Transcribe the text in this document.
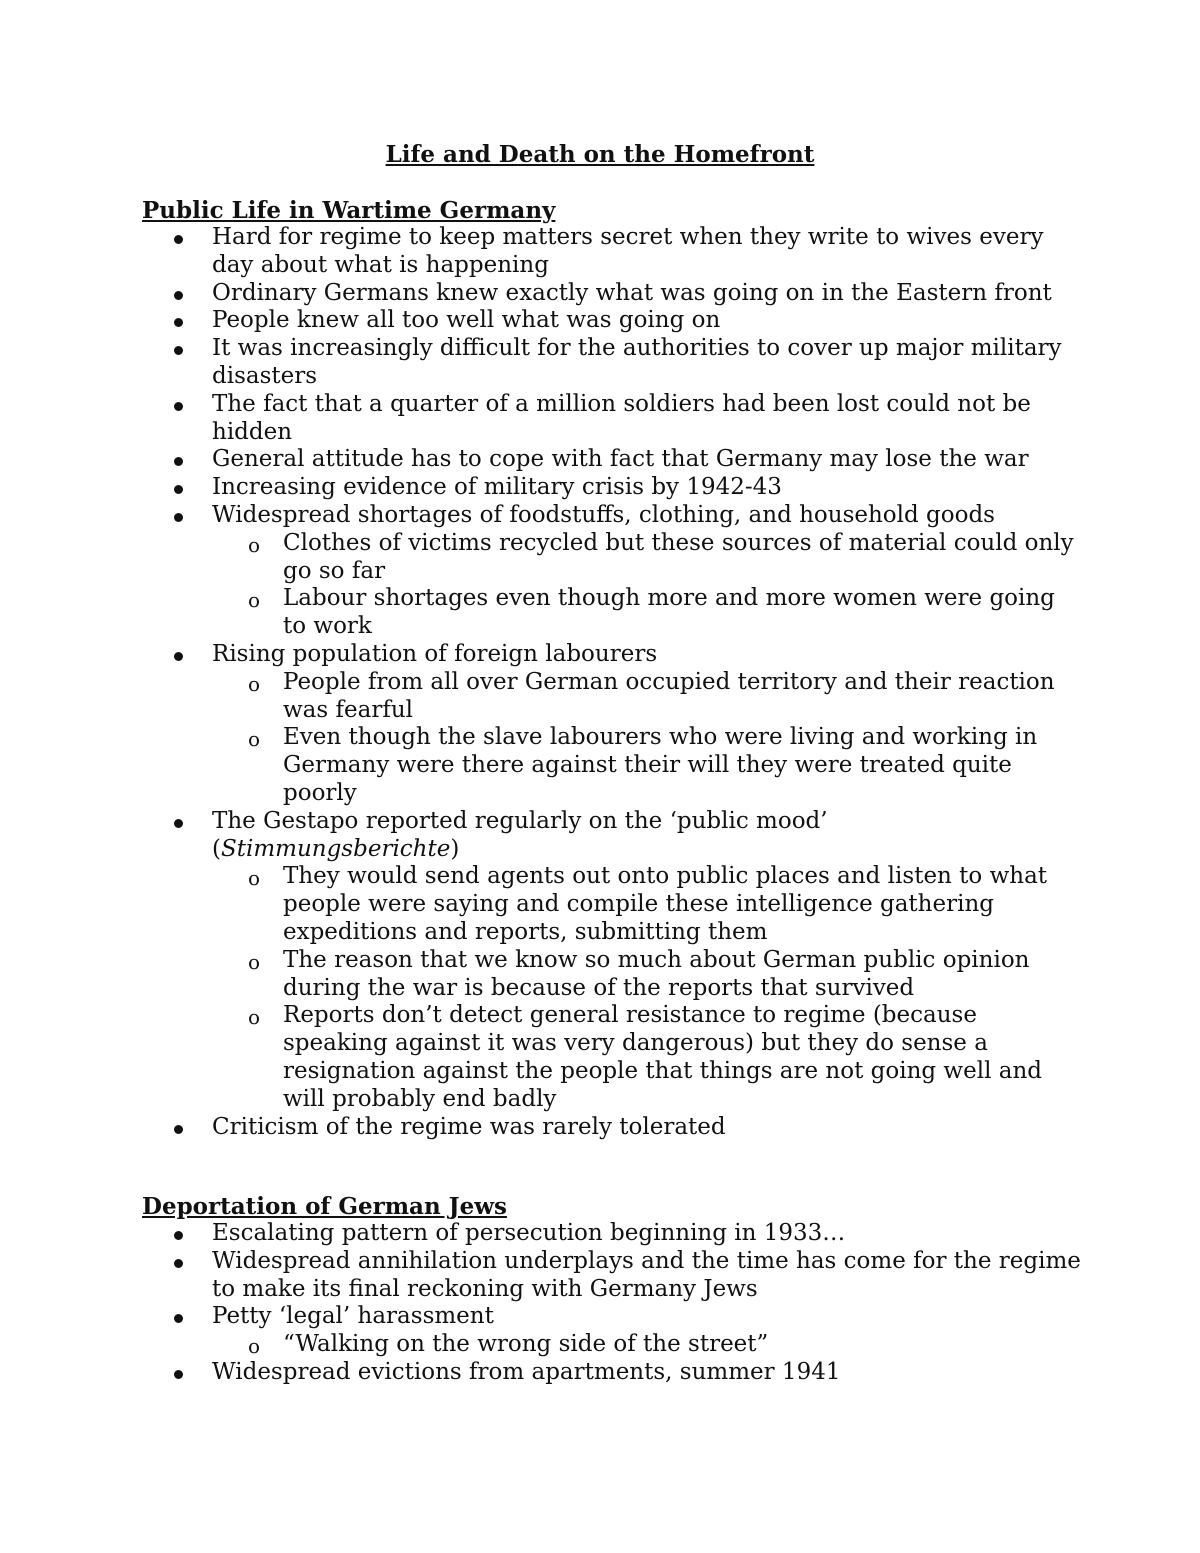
Life and Death on the Homefront
Public Life in Wartime Germany
Hard for regime to keep matters secret when they write to wives every day about what is happening
Ordinary Germans knew exactly what was going on in the Eastern front
People knew all too well what was going on
It was increasingly difficult for the authorities to cover up major military disasters
The fact that a quarter of a million soldiers had been lost could not be hidden
General attitude has to cope with fact that Germany may lose the war
Increasing evidence of military crisis by 1942-43
Widespread shortages of foodstuffs, clothing, and household goods
o Clothes of victims recycled but these sources of material could only go so far
o Labour shortages even though more and more women were going to work
Rising population of foreign labourers
o People from all over German occupied territory and their reaction was fearful
o Even though the slave labourers who were living and working in Germany were there against their will they were treated quite poorly
The Gestapo reported regularly on the ‘public mood’ (Stimmungsberichte)
o They would send agents out onto public places and listen to what people were saying and compile these intelligence gathering expeditions and reports, submitting them
o The reason that we know so much about German public opinion during the war is because of the reports that survived
o Reports don’t detect general resistance to regime (because speaking against it was very dangerous) but they do sense a resignation against the people that things are not going well and will probably end badly
Criticism of the regime was rarely tolerated
Deportation of German Jews
Escalating pattern of persecution beginning in 1933…
Widespread annihilation underplays and the time has come for the regime to make its final reckoning with Germany Jews
Petty ‘legal’ harassment
o “Walking on the wrong side of the street”
Widespread evictions from apartments, summer 1941
